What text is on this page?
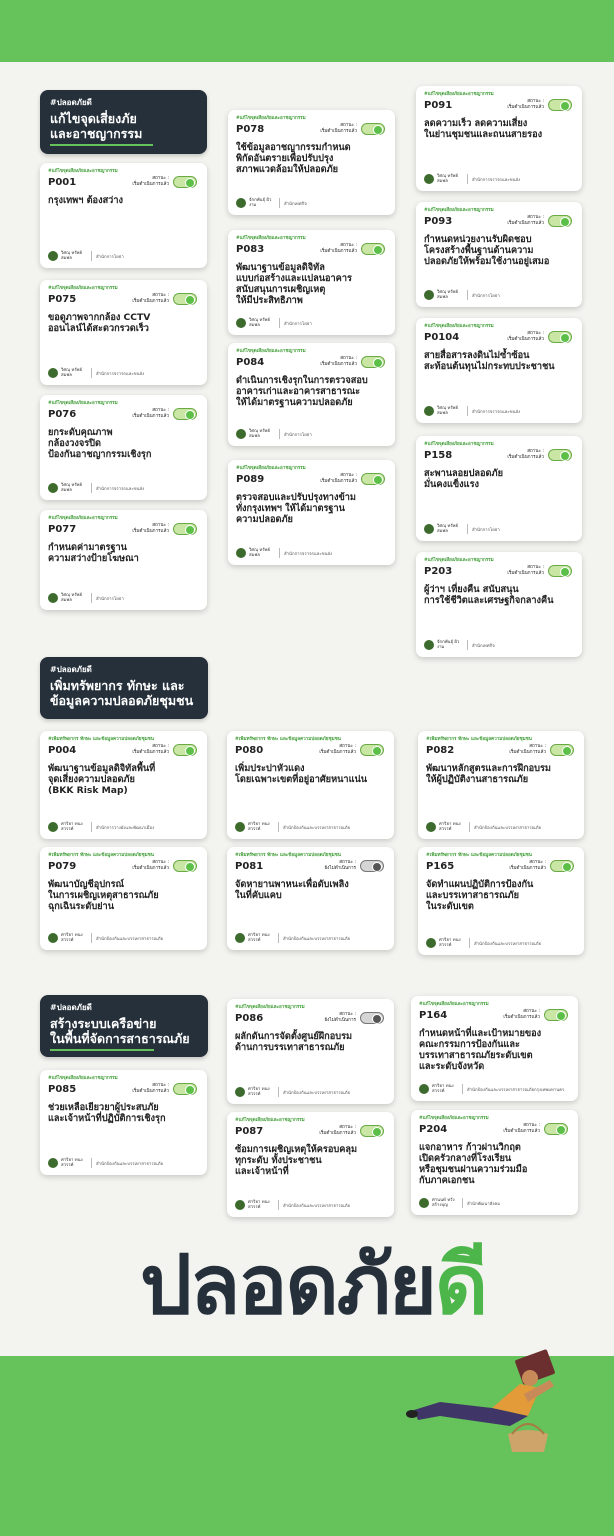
#ปลอดภัยดี
แก้ไขจุดเสี่ยงภัย
และอาชญากรรม
#ปลอดภัยดี
เพิ่มทรัพยากร ทักษะ และ
ข้อมูลความปลอดภัยชุมชน
#ปลอดภัยดี
สร้างระบบเครือข่าย
ในพื้นที่จัดการสาธารณภัย
#แก้ไขจุดเสี่ยงภัยและอาชญากรรม
P001	สถานะ :
เริ่มดำเนินการแล้ว
กรุงเทพฯ ต้องสว่าง
วิศณุ ทรัพย์สมพล	สำนักการโยธา
#แก้ไขจุดเสี่ยงภัยและอาชญากรรม
P075	สถานะ :
เริ่มดำเนินการแล้ว
ขอดูภาพจากกล้อง CCTV
ออนไลน์ได้สะดวกรวดเร็ว
วิศณุ ทรัพย์สมพล	สำนักการจราจรและขนส่ง
#แก้ไขจุดเสี่ยงภัยและอาชญากรรม
P076	สถานะ :
เริ่มดำเนินการแล้ว
ยกระดับคุณภาพ
กล้องวงจรปิด
ป้องกันอาชญากรรมเชิงรุก
วิศณุ ทรัพย์สมพล	สำนักการจราจรและขนส่ง
#แก้ไขจุดเสี่ยงภัยและอาชญากรรม
P077	สถานะ :
เริ่มดำเนินการแล้ว
กำหนดค่ามาตรฐาน
ความสว่างป้ายโฆษณา
วิศณุ ทรัพย์สมพล	สำนักการโยธา
#แก้ไขจุดเสี่ยงภัยและอาชญากรรม
P078	สถานะ :
เริ่มดำเนินการแล้ว
ใช้ข้อมูลอาชญากรรมกำหนด
พิกัดอันตรายเพื่อปรับปรุง
สภาพแวดล้อมให้ปลอดภัย
จักกพันธุ์ ผิวงาม	สำนักเทศกิจ
#แก้ไขจุดเสี่ยงภัยและอาชญากรรม
P083	สถานะ :
เริ่มดำเนินการแล้ว
พัฒนาฐานข้อมูลดิจิทัล
แบบก่อสร้างและแปลนอาคาร
สนับสนุนการเผชิญเหตุ
ให้มีประสิทธิภาพ
วิศณุ ทรัพย์สมพล	สำนักการโยธา
#แก้ไขจุดเสี่ยงภัยและอาชญากรรม
P084	สถานะ :
เริ่มดำเนินการแล้ว
ดำเนินการเชิงรุกในการตรวจสอบ
อาคารเก่าและอาคารสาธารณะ
ให้ได้มาตรฐานความปลอดภัย
วิศณุ ทรัพย์สมพล	สำนักการโยธา
#แก้ไขจุดเสี่ยงภัยและอาชญากรรม
P089	สถานะ :
เริ่มดำเนินการแล้ว
ตรวจสอบและปรับปรุงทางข้าม
ทั่งกรุงเทพฯ ให้ได้มาตรฐาน
ความปลอดภัย
วิศณุ ทรัพย์สมพล	สำนักการจราจรและขนส่ง
#แก้ไขจุดเสี่ยงภัยและอาชญากรรม
P091	สถานะ :
เริ่มดำเนินการแล้ว
ลดความเร็ว ลดความเสี่ยง
ในย่านชุมชนและถนนสายรอง
วิศณุ ทรัพย์สมพล	สำนักการจราจรและขนส่ง
#แก้ไขจุดเสี่ยงภัยและอาชญากรรม
P093	สถานะ :
เริ่มดำเนินการแล้ว
กำหนดหน่วยงานรับผิดชอบ
โครงสร้างพื้นฐานด้านความ
ปลอดภัยให้พร้อมใช้งานอยู่เสมอ
วิศณุ ทรัพย์สมพล	สำนักการโยธา
#แก้ไขจุดเสี่ยงภัยและอาชญากรรม
P0104	สถานะ :
เริ่มดำเนินการแล้ว
สายสื่อสารลงดินไม่ซ้ำซ้อน
สะท้อนต้นทุนไม่กระทบประชาชน
วิศณุ ทรัพย์สมพล	สำนักการจราจรและขนส่ง
#แก้ไขจุดเสี่ยงภัยและอาชญากรรม
P158	สถานะ :
เริ่มดำเนินการแล้ว
สะพานลอยปลอดภัย
มั่นคงแข็งแรง
วิศณุ ทรัพย์สมพล	สำนักการโยธา
#แก้ไขจุดเสี่ยงภัยและอาชญากรรม
P203	สถานะ :
เริ่มดำเนินการแล้ว
ผู้ว่าฯ เที่ยงคืน สนับสนุน
การใช้ชีวิตและเศรษฐกิจกลางคืน
จักกพันธุ์ ผิวงาม	สำนักเทศกิจ
#เพิ่มทรัพยากร ทักษะ และข้อมูลความปลอดภัยชุมชน
P004	สถานะ :
เริ่มดำเนินการแล้ว
พัฒนาฐานข้อมูลดิจิทัลพื้นที่
จุดเสี่ยงความปลอดภัย
(BKK Risk Map)
ศาริยา ทนงสวรรค์	สำนักการวางผังและพัฒนาเมือง
#เพิ่มทรัพยากร ทักษะ และข้อมูลความปลอดภัยชุมชน
P080	สถานะ :
เริ่มดำเนินการแล้ว
เพิ่มประปาหัวแดง
โดยเฉพาะเขตที่อยู่อาศัยหนาแน่น
ศาริยา ทนงสวรรค์	สำนักป้องกันและบรรเทาสาธารณภัย
#เพิ่มทรัพยากร ทักษะ และข้อมูลความปลอดภัยชุมชน
P082	สถานะ :
เริ่มดำเนินการแล้ว
พัฒนาหลักสูตรและการฝึกอบรม
ให้ผู้ปฏิบัติงานสาธารณภัย
ศาริยา ทนงสวรรค์	สำนักป้องกันและบรรเทาสาธารณภัย
#เพิ่มทรัพยากร ทักษะ และข้อมูลความปลอดภัยชุมชน
P079	สถานะ :
เริ่มดำเนินการแล้ว
พัฒนาบัญชีอุปกรณ์
ในการเผชิญเหตุสาธารณภัย
ฉุกเฉินระดับย่าน
ศาริยา ทนงสวรรค์	สำนักป้องกันและบรรเทาสาธารณภัย
#เพิ่มทรัพยากร ทักษะ และข้อมูลความปลอดภัยชุมชน
P081	สถานะ :
ยังไม่ดำเนินการ
จัดหายานพาหนะเพื่อดับเพลิง
ในที่คับแคบ
ศาริยา ทนงสวรรค์	สำนักป้องกันและบรรเทาสาธารณภัย
#เพิ่มทรัพยากร ทักษะ และข้อมูลความปลอดภัยชุมชน
P165	สถานะ :
เริ่มดำเนินการแล้ว
จัดทำแผนปฏิบัติการป้องกัน
และบรรเทาสาธารณภัย
ในระดับเขต
ศาริยา ทนงสวรรค์	สำนักป้องกันและบรรเทาสาธารณภัย
#แก้ไขจุดเสี่ยงภัยและอาชญากรรม
P085	สถานะ :
เริ่มดำเนินการแล้ว
ช่วยเหลือเยียวยาผู้ประสบภัย
และเจ้าหน้าที่ปฏิบัติการเชิงรุก
ศาริยา ทนงสวรรค์	สำนักป้องกันและบรรเทาสาธารณภัย
#แก้ไขจุดเสี่ยงภัยและอาชญากรรม
P086	สถานะ :
ยังไม่ดำเนินการ
ผลักดันการจัดตั้งศูนย์ฝึกอบรม
ด้านการบรรเทาสาธารณภัย
ศาริยา ทนงสวรรค์	สำนักป้องกันและบรรเทาสาธารณภัย
#แก้ไขจุดเสี่ยงภัยและอาชญากรรม
P087	สถานะ :
เริ่มดำเนินการแล้ว
ซ้อมการเผชิญเหตุให้ครอบคลุม
ทุกระดับ ทั้งประชาชน
และเจ้าหน้าที่
ศาริยา ทนงสวรรค์	สำนักป้องกันและบรรเทาสาธารณภัย
#แก้ไขจุดเสี่ยงภัยและอาชญากรรม
P164	สถานะ :
เริ่มดำเนินการแล้ว
กำหนดหน้าที่และเป้าหมายของ
คณะกรรมการป้องกันและ
บรรเทาสาธารณภัยระดับเขต
และระดับจังหวัด
ศาริยา ทนงสวรรค์	สำนักป้องกันและบรรเทาสาธารณภัยกรุงเทพมหานคร
#แก้ไขจุดเสี่ยงภัยและอาชญากรรม
P204	สถานะ :
เริ่มดำเนินการแล้ว
แจกอาหาร ก้าวผ่านวิกฤต
เปิดครัวกลางที่โรงเรียน
หรือชุมชนผ่านความร่วมมือ
กับภาคเอกชน
ศานนท์ หวังสร้างบุญ	สำนักพัฒนาสังคม
ปลอดภัยดี
